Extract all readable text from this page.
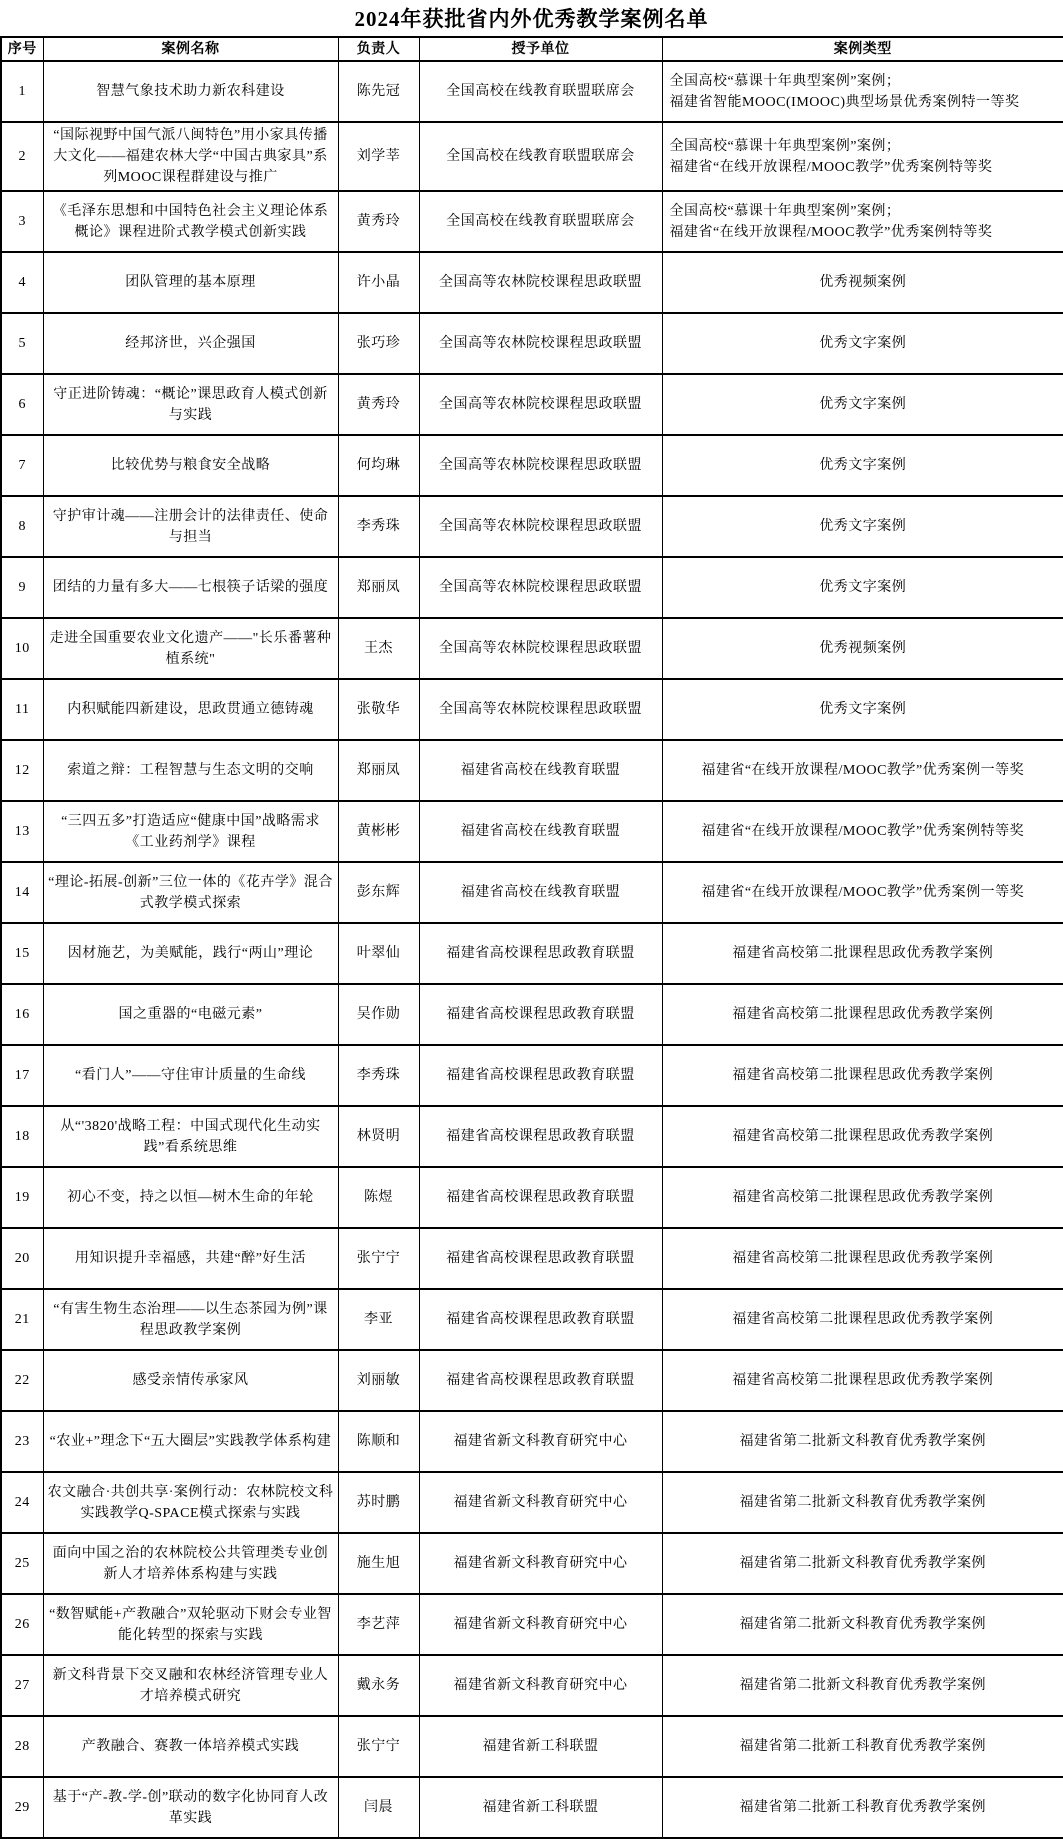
2024年获批省内外优秀教学案例名单
序号	案例名称	负责人	授予单位	案例类型
1	智慧气象技术助力新农科建设	陈先冠	全国高校在线教育联盟联席会	全国高校“慕课十年典型案例”案例；
福建省智能MOOC(IMOOC)典型场景优秀案例特一等奖
2	“国际视野中国气派八闽特色”用小家具传播大文化——福建农林大学“中国古典家具”系列MOOC课程群建设与推广	刘学莘	全国高校在线教育联盟联席会	全国高校“慕课十年典型案例”案例；
福建省“在线开放课程/MOOC教学”优秀案例特等奖
3	《毛泽东思想和中国特色社会主义理论体系概论》课程进阶式教学模式创新实践	黄秀玲	全国高校在线教育联盟联席会	全国高校“慕课十年典型案例”案例；
福建省“在线开放课程/MOOC教学”优秀案例特等奖
4	团队管理的基本原理	许小晶	全国高等农林院校课程思政联盟	优秀视频案例
5	经邦济世，兴企强国	张巧珍	全国高等农林院校课程思政联盟	优秀文字案例
6	守正进阶铸魂：“概论”课思政育人模式创新与实践	黄秀玲	全国高等农林院校课程思政联盟	优秀文字案例
7	比较优势与粮食安全战略	何均琳	全国高等农林院校课程思政联盟	优秀文字案例
8	守护审计魂——注册会计的法律责任、使命与担当	李秀珠	全国高等农林院校课程思政联盟	优秀文字案例
9	团结的力量有多大——七根筷子话梁的强度	郑丽凤	全国高等农林院校课程思政联盟	优秀文字案例
10	走进全国重要农业文化遗产——"长乐番薯种植系统"	王杰	全国高等农林院校课程思政联盟	优秀视频案例
11	内积赋能四新建设，思政贯通立德铸魂	张敬华	全国高等农林院校课程思政联盟	优秀文字案例
12	索道之辩：工程智慧与生态文明的交响	郑丽凤	福建省高校在线教育联盟	福建省“在线开放课程/MOOC教学”优秀案例一等奖
13	“三四五多”打造适应“健康中国”战略需求《工业药剂学》课程	黄彬彬	福建省高校在线教育联盟	福建省“在线开放课程/MOOC教学”优秀案例特等奖
14	“理论-拓展-创新”三位一体的《花卉学》混合式教学模式探索	彭东辉	福建省高校在线教育联盟	福建省“在线开放课程/MOOC教学”优秀案例一等奖
15	因材施艺，为美赋能，践行“两山”理论	叶翠仙	福建省高校课程思政教育联盟	福建省高校第二批课程思政优秀教学案例
16	国之重器的“电磁元素”	吴作勋	福建省高校课程思政教育联盟	福建省高校第二批课程思政优秀教学案例
17	“看门人”——守住审计质量的生命线	李秀珠	福建省高校课程思政教育联盟	福建省高校第二批课程思政优秀教学案例
18	从“'3820'战略工程：中国式现代化生动实践”看系统思维	林贤明	福建省高校课程思政教育联盟	福建省高校第二批课程思政优秀教学案例
19	初心不变，持之以恒—树木生命的年轮	陈煜	福建省高校课程思政教育联盟	福建省高校第二批课程思政优秀教学案例
20	用知识提升幸福感，共建“醉”好生活	张宁宁	福建省高校课程思政教育联盟	福建省高校第二批课程思政优秀教学案例
21	“有害生物生态治理——以生态茶园为例”课程思政教学案例	李亚	福建省高校课程思政教育联盟	福建省高校第二批课程思政优秀教学案例
22	感受亲情传承家风	刘丽敏	福建省高校课程思政教育联盟	福建省高校第二批课程思政优秀教学案例
23	“农业+”理念下“五大圈层”实践教学体系构建	陈顺和	福建省新文科教育研究中心	福建省第二批新文科教育优秀教学案例
24	农文融合·共创共享·案例行动：农林院校文科实践教学Q-SPACE模式探索与实践	苏时鹏	福建省新文科教育研究中心	福建省第二批新文科教育优秀教学案例
25	面向中国之治的农林院校公共管理类专业创新人才培养体系构建与实践	施生旭	福建省新文科教育研究中心	福建省第二批新文科教育优秀教学案例
26	“数智赋能+产教融合”双轮驱动下财会专业智能化转型的探索与实践	李艺萍	福建省新文科教育研究中心	福建省第二批新文科教育优秀教学案例
27	新文科背景下交叉融和农林经济管理专业人才培养模式研究	戴永务	福建省新文科教育研究中心	福建省第二批新文科教育优秀教学案例
28	产教融合、赛教一体培养模式实践	张宁宁	福建省新工科联盟	福建省第二批新工科教育优秀教学案例
29	基于“产-教-学-创”联动的数字化协同育人改革实践	闫晨	福建省新工科联盟	福建省第二批新工科教育优秀教学案例
